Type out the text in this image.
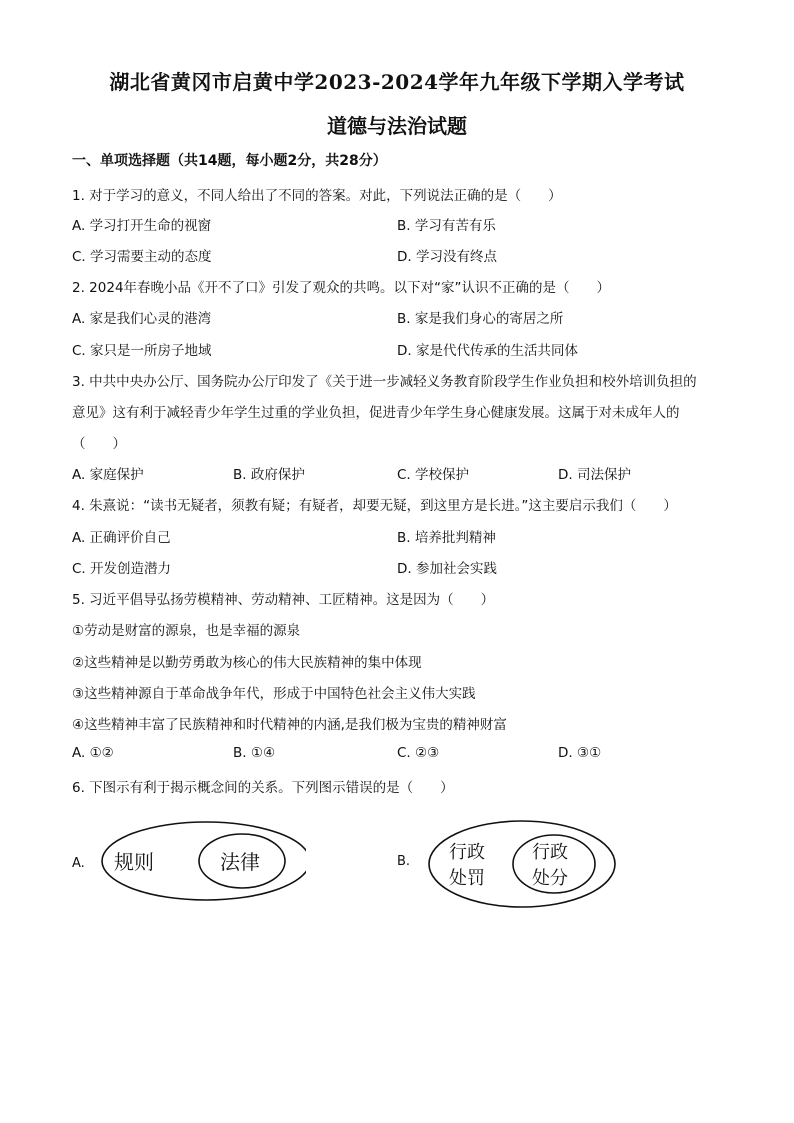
湖北省黄冈市启黄中学2023-2024学年九年级下学期入学考试
道德与法治试题
一、单项选择题（共14题，每小题2分，共28分）
1. 对于学习的意义，不同人给出了不同的答案。对此，下列说法正确的是（　　）
A. 学习打开生命的视窗	B. 学习有苦有乐
C. 学习需要主动的态度	D. 学习没有终点
2. 2024年春晚小品《开不了口》引发了观众的共鸣。以下对“家”认识不正确的是（　　）
A. 家是我们心灵的港湾	B. 家是我们身心的寄居之所
C. 家只是一所房子地域	D. 家是代代传承的生活共同体
3. 中共中央办公厅、国务院办公厅印发了《关于进一步减轻义务教育阶段学生作业负担和校外培训负担的
意见》这有利于减轻青少年学生过重的学业负担，促进青少年学生身心健康发展。这属于对未成年人的
（　　）
A. 家庭保护	B. 政府保护	C. 学校保护	D. 司法保护
4. 朱熹说：“读书无疑者，须教有疑；有疑者，却要无疑，到这里方是长进。”这主要启示我们（　　）
A. 正确评价自己	B. 培养批判精神
C. 开发创造潜力	D. 参加社会实践
5. 习近平倡导弘扬劳模精神、劳动精神、工匠精神。这是因为（　　）
①劳动是财富的源泉，也是幸福的源泉
②这些精神是以勤劳勇敢为核心的伟大民族精神的集中体现
③这些精神源自于革命战争年代，形成于中国特色社会主义伟大实践
④这些精神丰富了民族精神和时代精神的内涵,是我们极为宝贵的精神财富
A. ①②	B. ①④	C. ②③	D. ③①
6. 下图示有利于揭示概念间的关系。下列图示错误的是（　　）
A. 规则	法律	B. 行政
处罚
行政
处分
